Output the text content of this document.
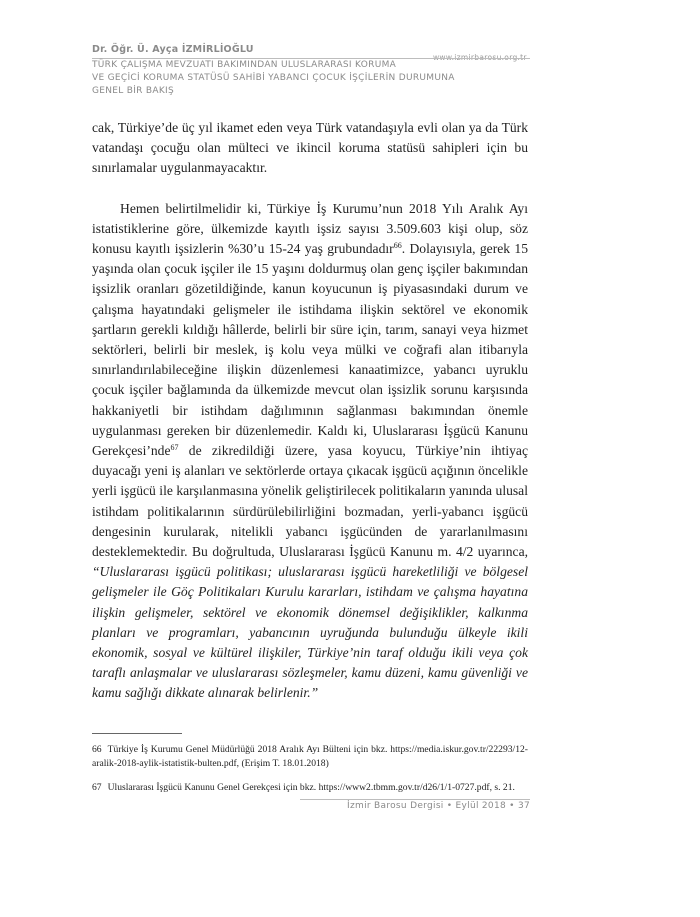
Dr. Öğr. Ü. Ayça İZMİRLİOĞLU
www.izmirbarosu.org.tr
TÜRK ÇALIŞMA MEVZUATI BAKIMINDAN ULUSLARARASI KORUMA
VE GEÇİCİ KORUMA STATÜSÜ SAHİBİ YABANCI ÇOCUK İŞÇİLERİN DURUMUNA
GENEL BİR BAKIŞ

cak, Türkiye’de üç yıl ikamet eden veya Türk vatandaşıyla evli olan ya da Türk vatandaşı çocuğu olan mülteci ve ikincil koruma statüsü sahipleri için bu sınırlamalar uygulanmayacaktır.

Hemen belirtilmelidir ki, Türkiye İş Kurumu’nun 2018 Yılı Aralık Ayı istatistiklerine göre, ülkemizde kayıtlı işsiz sayısı 3.509.603 kişi olup, söz konusu kayıtlı işsizlerin %30’u 15-24 yaş grubundadır$^{66}$. Dolayısıyla, gerek 15 yaşında olan çocuk işçiler ile 15 yaşını doldurmuş olan genç işçiler bakımından işsizlik oranları gözetildiğinde, kanun koyucunun iş piyasasındaki durum ve çalışma hayatındaki gelişmeler ile istihdama ilişkin sektörel ve ekonomik şartların gerekli kıldığı hâllerde, belirli bir süre için, tarım, sanayi veya hizmet sektörleri, belirli bir meslek, iş kolu veya mülki ve coğrafi alan itibarıyla sınırlandırılabileceğine ilişkin düzenlemesi kanaatimizce, yabancı uyruklu çocuk işçiler bağlamında da ülkemizde mevcut olan işsizlik sorunu karşısında hakkaniyetli bir istihdam dağılımının sağlanması bakımından önemle uygulanması gereken bir düzenlemedir. Kaldı ki, Uluslararası İşgücü Kanunu Gerekçesi’nde$^{67}$ de zikredildiği üzere, yasa koyucu, Türkiye’nin ihtiyaç duyacağı yeni iş alanları ve sektörlerde ortaya çıkacak işgücü açığının öncelikle yerli işgücü ile karşılanmasına yönelik geliştirilecek politikaların yanında ulusal istihdam politikalarının sürdürülebilirliğini bozmadan, yerli-yabancı işgücü dengesinin kurularak, nitelikli yabancı işgücünden de yararlanılmasını desteklemektedir. Bu doğrultuda, Uluslararası İşgücü Kanunu m. 4/2 uyarınca, “Uluslararası işgücü politikası; uluslararası işgücü hareketliliği ve bölgesel gelişmeler ile Göç Politikaları Kurulu kararları, istihdam ve çalışma hayatına ilişkin gelişmeler, sektörel ve ekonomik dönemsel değişiklikler, kalkınma planları ve programları, yabancının uyruğunda bulunduğu ülkeyle ikili ekonomik, sosyal ve kültürel ilişkiler, Türkiye’nin taraf olduğu ikili veya çok taraflı anlaşmalar ve uluslararası sözleşmeler, kamu düzeni, kamu güvenliği ve kamu sağlığı dikkate alınarak belirlenir.”

66 Türkiye İş Kurumu Genel Müdürlüğü 2018 Aralık Ayı Bülteni için bkz. https://media.iskur.gov.tr/22293/12-aralik-2018-aylik-istatistik-bulten.pdf, (Erişim T. 18.01.2018)
67 Uluslararası İşgücü Kanunu Genel Gerekçesi için bkz. https://www2.tbmm.gov.tr/d26/1/1-0727.pdf, s. 21.
İzmir Barosu Dergisi • Eylül 2018 • 37
